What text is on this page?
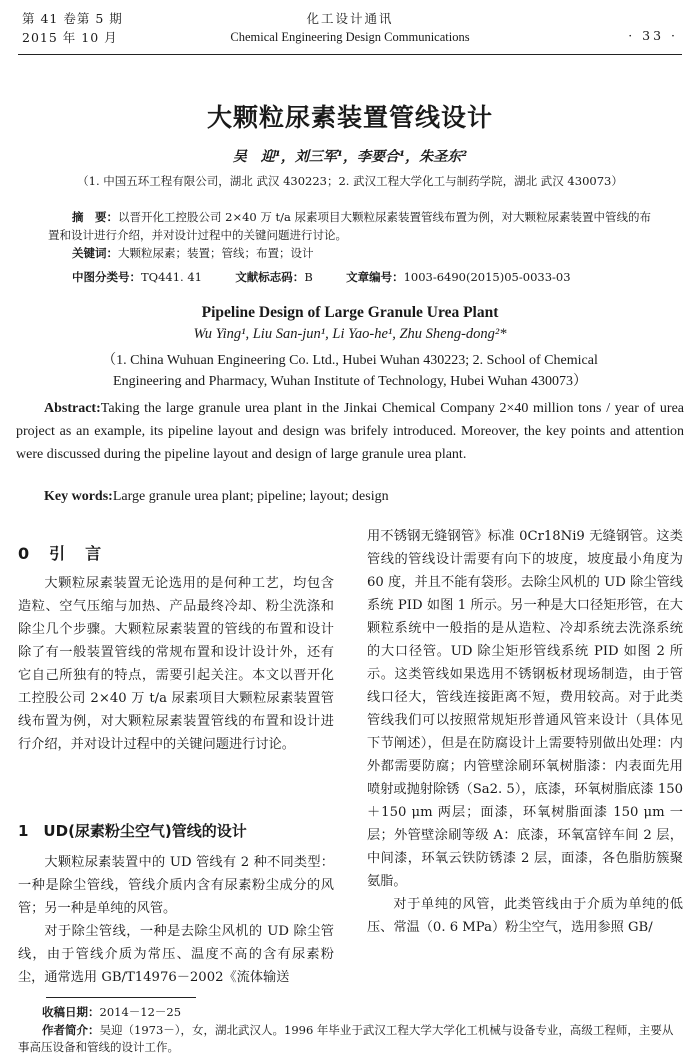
第 41 卷第 5 期
2015 年 10 月
化工设计通讯
Chemical Engineering Design Communications	· 33 ·
大颗粒尿素装置管线设计
吴　迎¹，刘三军¹，李要合¹，朱圣东²
（1. 中国五环工程有限公司，湖北 武汉 430223；2. 武汉工程大学化工与制药学院，湖北 武汉 430073）
摘　要：以晋开化工控股公司 2×40 万 t/a 尿素项目大颗粒尿素装置管线布置为例，对大颗粒尿素装置中管线的布置和设计进行介绍，并对设计过程中的关键问题进行讨论。
关键词：大颗粒尿素；装置；管线；布置；设计
中图分类号：TQ441. 41	文献标志码：B	文章编号：1003-6490(2015)05-0033-03
Pipeline Design of Large Granule Urea Plant
Wu Ying¹, Liu San-jun¹, Li Yao-he¹, Zhu Sheng-dong²*
（1. China Wuhuan Engineering Co. Ltd., Hubei Wuhan 430223; 2. School of Chemical
Engineering and Pharmacy, Wuhan Institute of Technology, Hubei Wuhan 430073）
Abstract:Taking the large granule urea plant in the Jinkai Chemical Company 2×40 million tons / year of urea project as an example, its pipeline layout and design was brifely introduced. Moreover, the key points and attention were discussed during the pipeline layout and design of large granule urea plant.
Key words:Large granule urea plant; pipeline; layout; design
0　引　言

大颗粒尿素装置无论选用的是何种工艺，均包含造粒、空气压缩与加热、产品最终冷却、粉尘洗涤和除尘几个步骤。大颗粒尿素装置的管线的布置和设计除了有一般装置管线的常规布置和设计设计外，还有它自己所独有的特点，需要引起关注。本文以晋开化工控股公司 2×40 万 t/a 尿素项目大颗粒尿素装置管线布置为例，对大颗粒尿素装置管线的布置和设计进行介绍，并对设计过程中的关键问题进行讨论。

1　UD(尿素粉尘空气)管线的设计

大颗粒尿素装置中的 UD 管线有 2 种不同类型：一种是除尘管线，管线介质内含有尿素粉尘成分的风管；另一种是单纯的风管。

对于除尘管线，一种是去除尘风机的 UD 除尘管线，由于管线介质为常压、温度不高的含有尿素粉尘，通常选用 GB/T14976－2002《流体输送

用不锈钢无缝钢管》标准 0Cr18Ni9 无缝钢管。这类管线的管线设计需要有向下的坡度，坡度最小角度为 60 度，并且不能有袋形。去除尘风机的 UD 除尘管线系统 PID 如图 1 所示。另一种是大口径矩形管，在大颗粒系统中一般指的是从造粒、冷却系统去洗涤系统的大口径管。UD 除尘矩形管线系统 PID 如图 2 所示。这类管线如果选用不锈钢板材现场制造，由于管线口径大，管线连接距离不短，费用较高。对于此类管线我们可以按照常规矩形普通风管来设计（具体见下节阐述），但是在防腐设计上需要特别做出处理：内外都需要防腐；内管壁涂刷环氧树脂漆：内表面先用喷射或抛射除锈（Sa2. 5），底漆，环氧树脂底漆 150＋150 μm 两层；面漆，环氧树脂面漆 150 μm 一层；外管壁涂刷等级 A：底漆，环氧富锌车间 2 层，中间漆，环氧云铁防锈漆 2 层，面漆，各色脂肪簇聚氨脂。

对于单纯的风管，此类管线由于介质为单纯的低压、常温（0. 6 MPa）粉尘空气，选用参照 GB/

收稿日期：2014－12－25
作者简介：吴迎（1973－），女，湖北武汉人。1996 年毕业于武汉工程大学大学化工机械与设备专业，高级工程师，主要从事高压设备和管线的设计工作。
